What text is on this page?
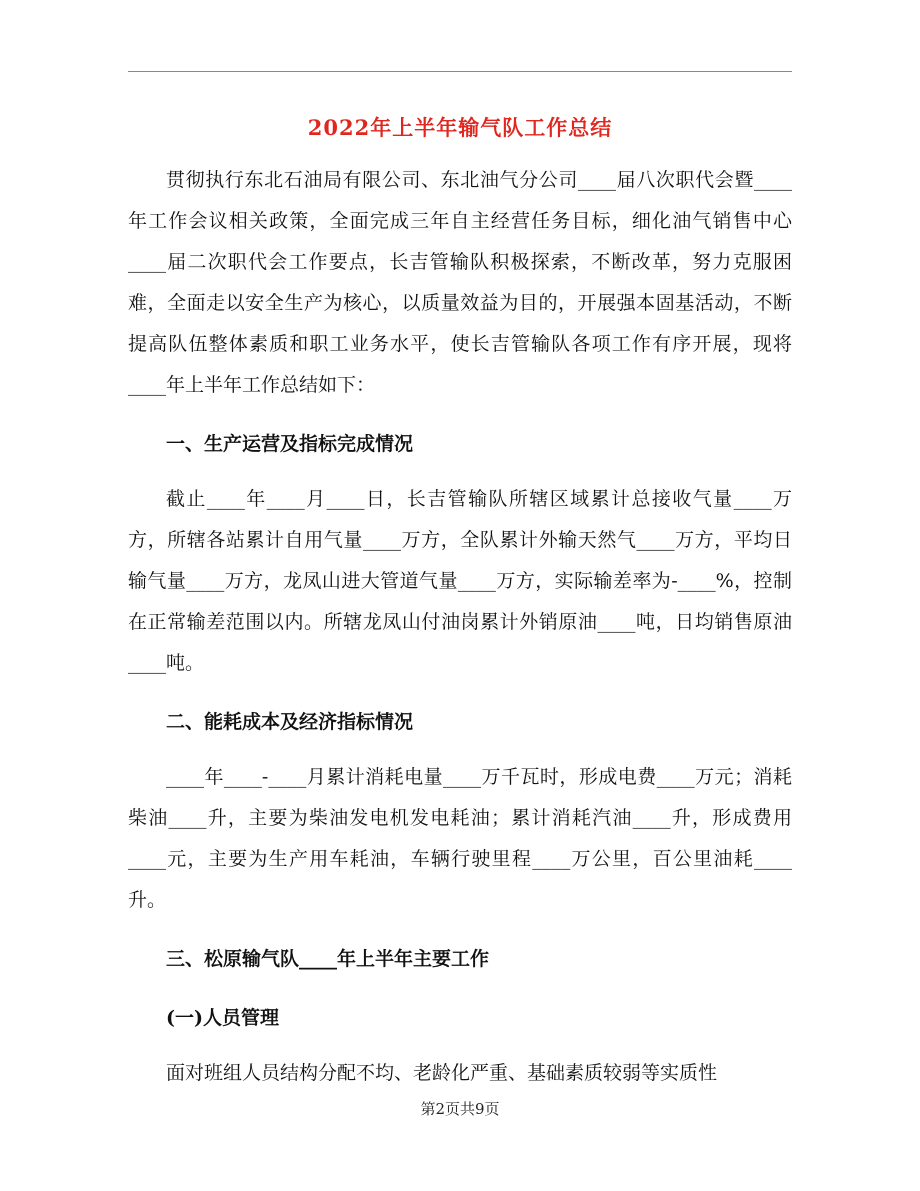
2022年上半年输气队工作总结

贯彻执行东北石油局有限公司、东北油气分公司____届八次职代会暨____年工作会议相关政策，全面完成三年自主经营任务目标，细化油气销售中心____届二次职代会工作要点，长吉管输队积极探索，不断改革，努力克服困难，全面走以安全生产为核心，以质量效益为目的，开展强本固基活动，不断提高队伍整体素质和职工业务水平，使长吉管输队各项工作有序开展，现将____年上半年工作总结如下：

一、生产运营及指标完成情况

截止____年____月____日，长吉管输队所辖区域累计总接收气量____万方，所辖各站累计自用气量____万方，全队累计外输天然气____万方，平均日输气量____万方，龙凤山进大管道气量____万方，实际输差率为-____%，控制在正常输差范围以内。所辖龙凤山付油岗累计外销原油____吨，日均销售原油____吨。

二、能耗成本及经济指标情况

____年____-____月累计消耗电量____万千瓦时，形成电费____万元；消耗柴油____升，主要为柴油发电机发电耗油；累计消耗汽油____升，形成费用____元，主要为生产用车耗油，车辆行驶里程____万公里，百公里油耗____升。

三、松原输气队____年上半年主要工作
(一)人员管理

面对班组人员结构分配不均、老龄化严重、基础素质较弱等实质性

第2页共9页
